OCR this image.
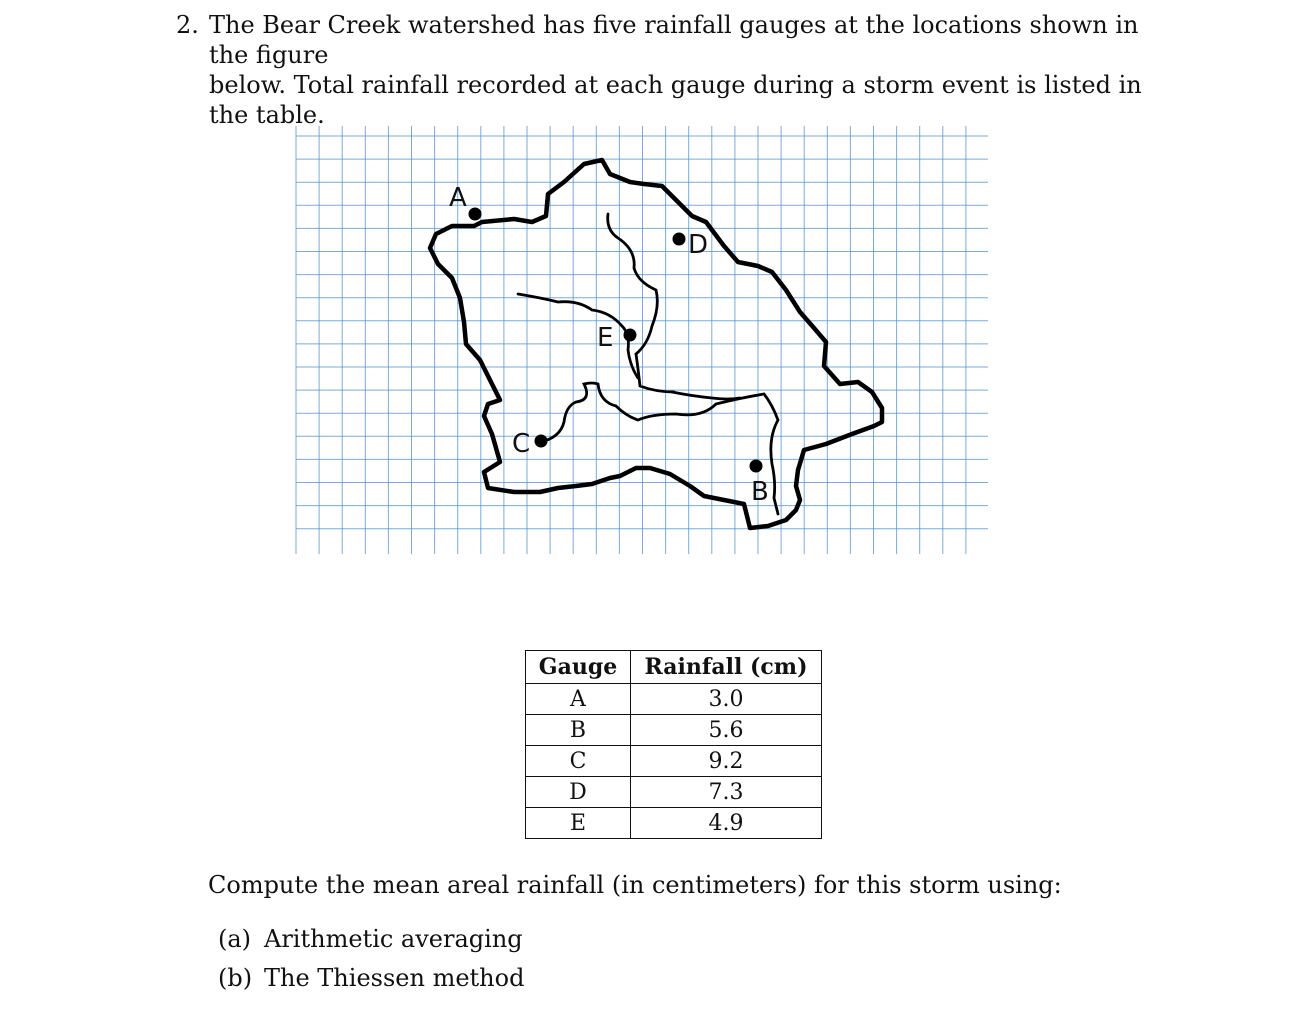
2. The Bear Creek watershed has five rainfall gauges at the locations shown in the figure
below. Total rainfall recorded at each gauge during a storm event is listed in the table.
A
B
C
D
E
Gauge	Rainfall (cm)
A	3.0
B	5.6
C	9.2
D	7.3
E	4.9
Compute the mean areal rainfall (in centimeters) for this storm using:
(a) Arithmetic averaging
(b) The Thiessen method
